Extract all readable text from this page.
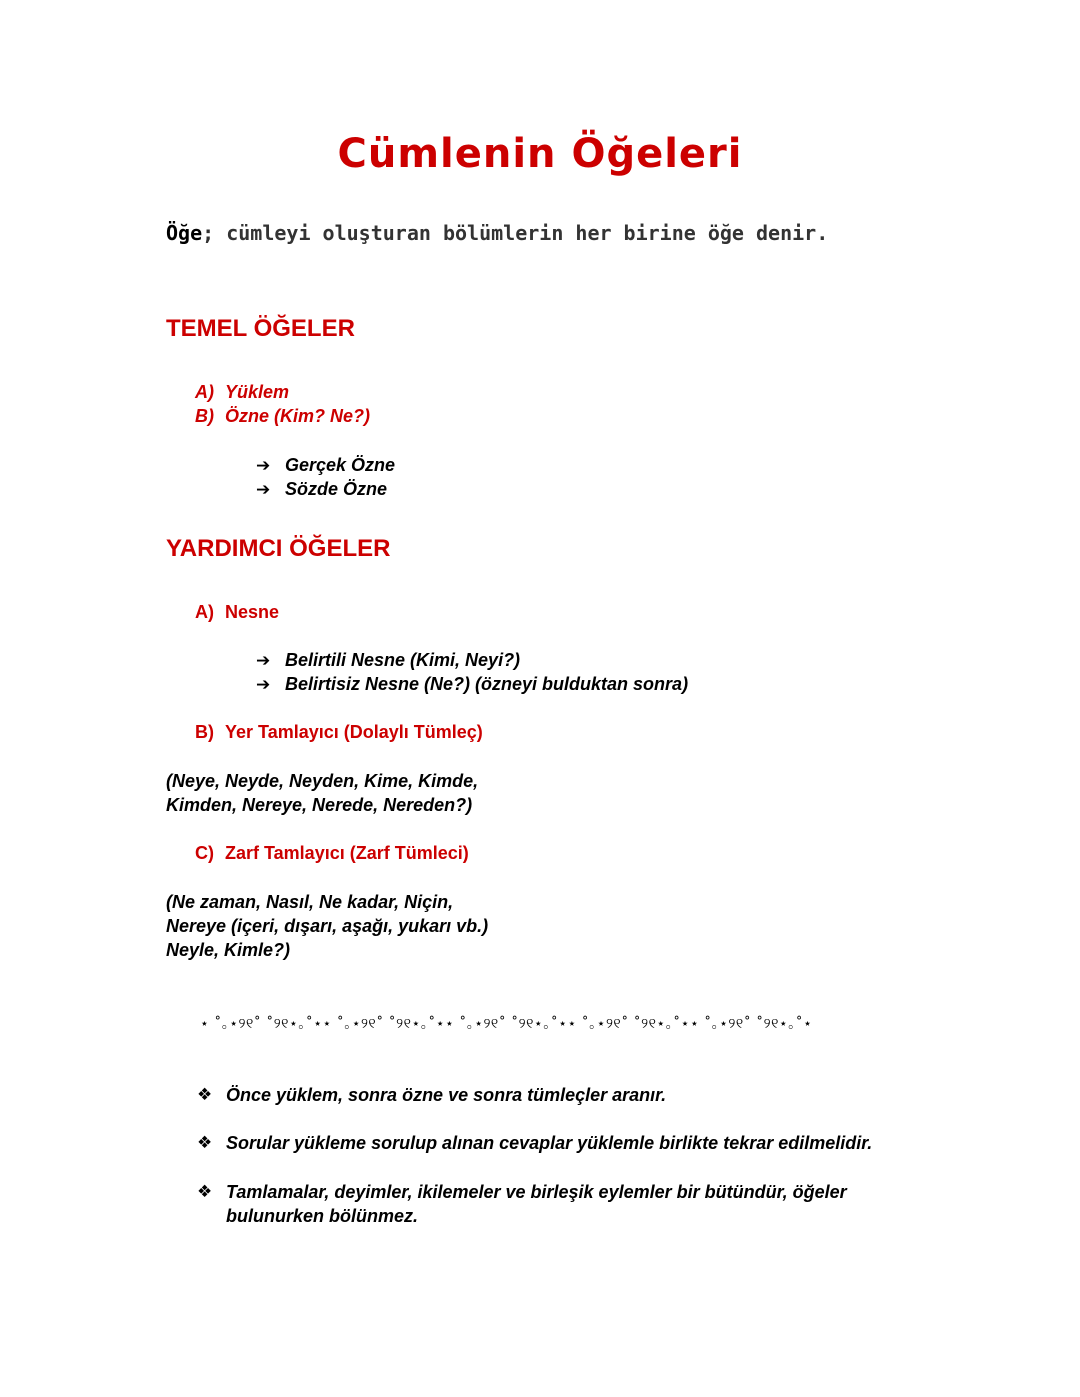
Cümlenin Öğeleri

Öğe; cümleyi oluşturan bölümlerin her birine öğe denir.

TEMEL ÖĞELER
A) Yüklem
B) Özne (Kim? Ne?)
➔ Gerçek Özne
➔ Sözde Özne
YARDIMCI ÖĞELER
A) Nesne
➔ Belirtili Nesne (Kimi, Neyi?)
➔ Belirtisiz Nesne (Ne?) (özneyi bulduktan sonra)
B) Yer Tamlayıcı (Dolaylı Tümleç)
(Neye, Neyde, Neyden, Kime, Kimde,
Kimden, Nereye, Nerede, Nereden?)
C) Zarf Tamlayıcı (Zarf Tümleci)
(Ne zaman, Nasıl, Ne kadar, Niçin,
Nereye (içeri, dışarı, aşağı, yukarı vb.)
Neyle, Kimle?)
⋆ ˚｡⋆୨୧˚ ˚୨୧⋆｡˚⋆⋆ ˚｡⋆୨୧˚ ˚୨୧⋆｡˚⋆⋆ ˚｡⋆୨୧˚ ˚୨୧⋆｡˚⋆⋆ ˚｡⋆୨୧˚ ˚୨୧⋆｡˚⋆⋆ ˚｡⋆୨୧˚ ˚୨୧⋆｡˚⋆
❖ Önce yüklem, sonra özne ve sonra tümleçler aranır.
❖ Sorular yükleme sorulup alınan cevaplar yüklemle birlikte tekrar edilmelidir.
❖ Tamlamalar, deyimler, ikilemeler ve birleşik eylemler bir bütündür, öğeler bulunurken bölünmez.
